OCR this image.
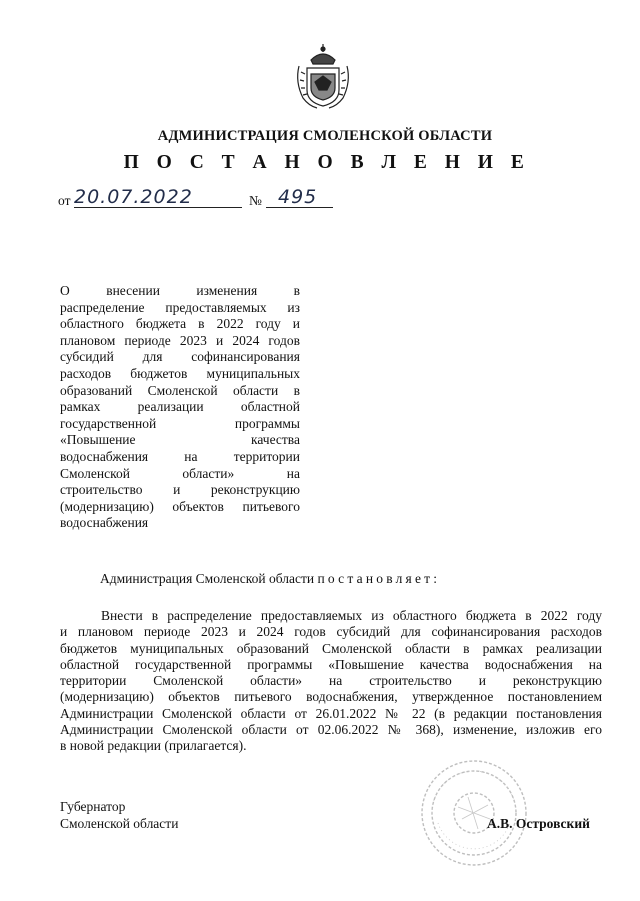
АДМИНИСТРАЦИЯ СМОЛЕНСКОЙ ОБЛАСТИ
П О С Т А Н О В Л Е Н И Е
от 20.07.2022	№ 495
О внесении изменения в
распределение предоставляемых из
областного бюджета в 2022 году и
плановом периоде 2023 и 2024 годов
субсидий для софинансирования
расходов бюджетов муниципальных
образований Смоленской области в
рамках реализации областной
государственной программы
«Повышение качества
водоснабжения на территории
Смоленской области» на
строительство и реконструкцию
(модернизацию) объектов питьевого
водоснабжения
Администрация Смоленской области постановляет:
Внести в распределение предоставляемых из областного бюджета в 2022 году
и плановом периоде 2023 и 2024 годов субсидий для софинансирования расходов
бюджетов муниципальных образований Смоленской области в рамках реализации
областной государственной программы «Повышение качества водоснабжения на
территории Смоленской области» на строительство и реконструкцию
(модернизацию) объектов питьевого водоснабжения, утвержденное постановлением
Администрации Смоленской области от 26.01.2022 № 22 (в редакции постановления
Администрации Смоленской области от 02.06.2022 № 368), изменение, изложив его
в новой редакции (прилагается).
Губернатор
Смоленской области	А.В. Островский
